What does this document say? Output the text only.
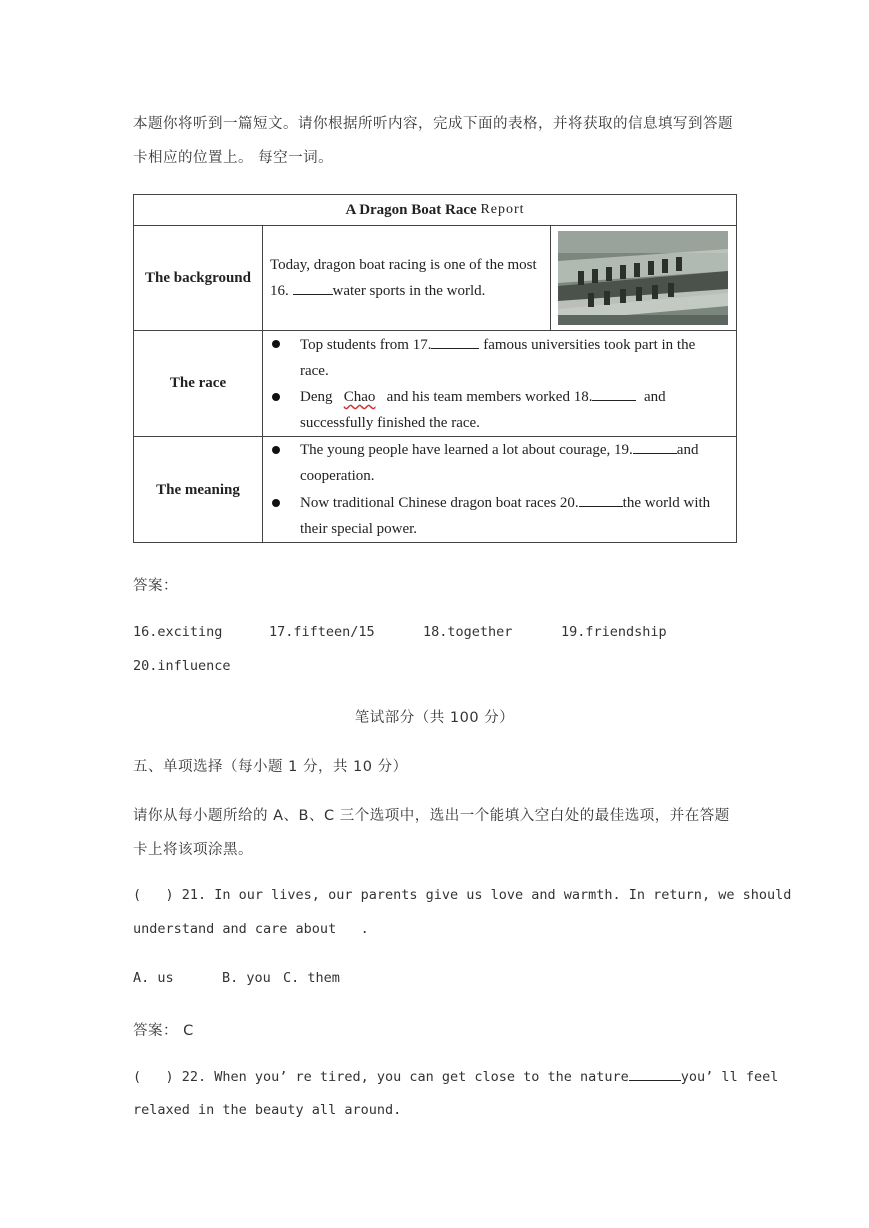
本题你将听到一篇短文。请你根据所听内容，完成下面的表格，并将获取的信息填写到答题
卡相应的位置上。 每空一词。
A Dragon Boat Race
Report
The background
Today, dragon boat racing is one of the most
16.	water sports in the world.
The race
Top students from 17.	famous universities took part in the
race.
Deng Chao and his team members worked 18.	and
successfully finished the race.
The meaning
The young people have learned a lot about courage, 19.	and
cooperation.
Now traditional Chinese dragon boat races 20.	the world with
their special power.
答案：
16.exciting	17.fifteen/15	18.together	19.friendship
20.influence
笔试部分（共 100 分）
五、单项选择（每小题 1 分，共 10 分）
请你从每小题所给的 A、B、C 三个选项中，选出一个能填入空白处的最佳选项，并在答题
卡上将该项涂黑。
(   ) 21. In our lives, our parents give us love and warmth. In return, we should
understand and care about   .
A. us	B. you C. them
答案： C
(   ) 22. When you’ re tired, you can get close to the nature	you’ ll feel
relaxed in the beauty all around.
